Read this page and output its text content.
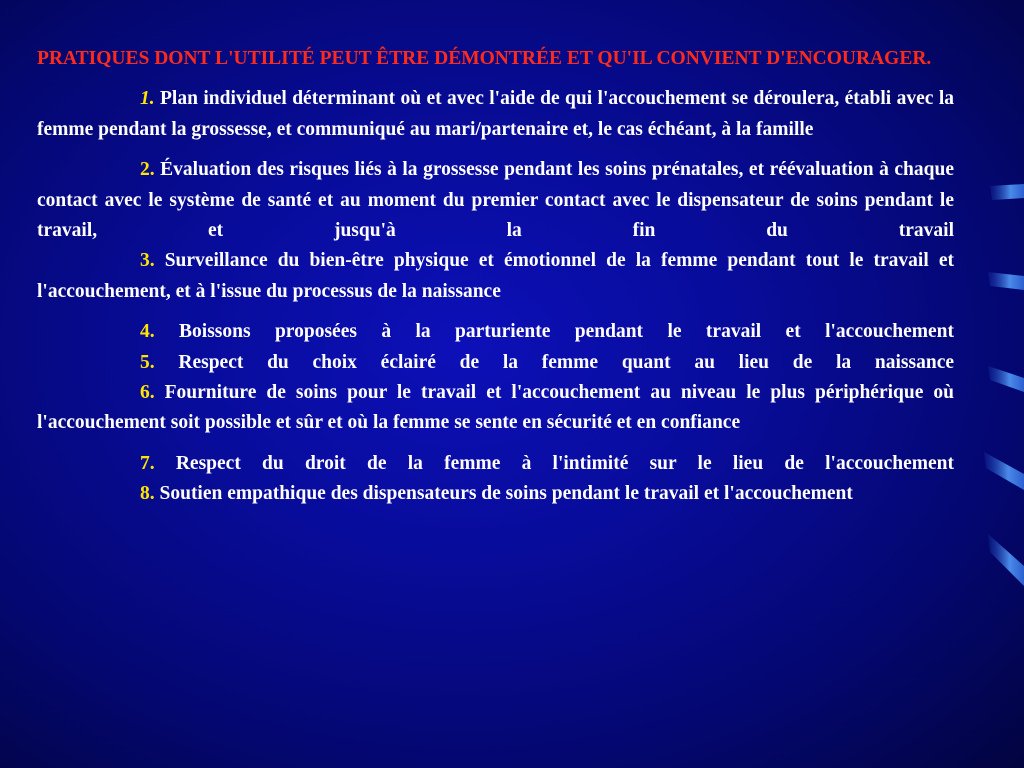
PRATIQUES DONT L'UTILITÉ PEUT ÊTRE DÉMONTRÉE ET QU'IL CONVIENT D'ENCOURAGER.

1. Plan individuel déterminant où et avec l'aide de qui l'accouchement se déroulera, établi avec la femme pendant la grossesse, et communiqué au mari/partenaire et, le cas échéant, à la famille

2. Évaluation des risques liés à la grossesse pendant les soins prénatales, et réévaluation à chaque contact avec le système de santé et au moment du premier contact avec le dispensateur de soins pendant le travail, et jusqu'à la fin du travail

3. Surveillance du bien-être physique et émotionnel de la femme pendant tout le travail et l'accouchement, et à l'issue du processus de la naissance

4. Boissons proposées à la parturiente pendant le travail et l'accouchement

5. Respect du choix éclairé de la femme quant au lieu de la naissance

6. Fourniture de soins pour le travail et l'accouchement au niveau le plus périphérique où l'accouchement soit possible et sûr et où la femme se sente en sécurité et en confiance

7. Respect du droit de la femme à l'intimité sur le lieu de l'accouchement

8. Soutien empathique des dispensateurs de soins pendant le travail et l'accouchement
